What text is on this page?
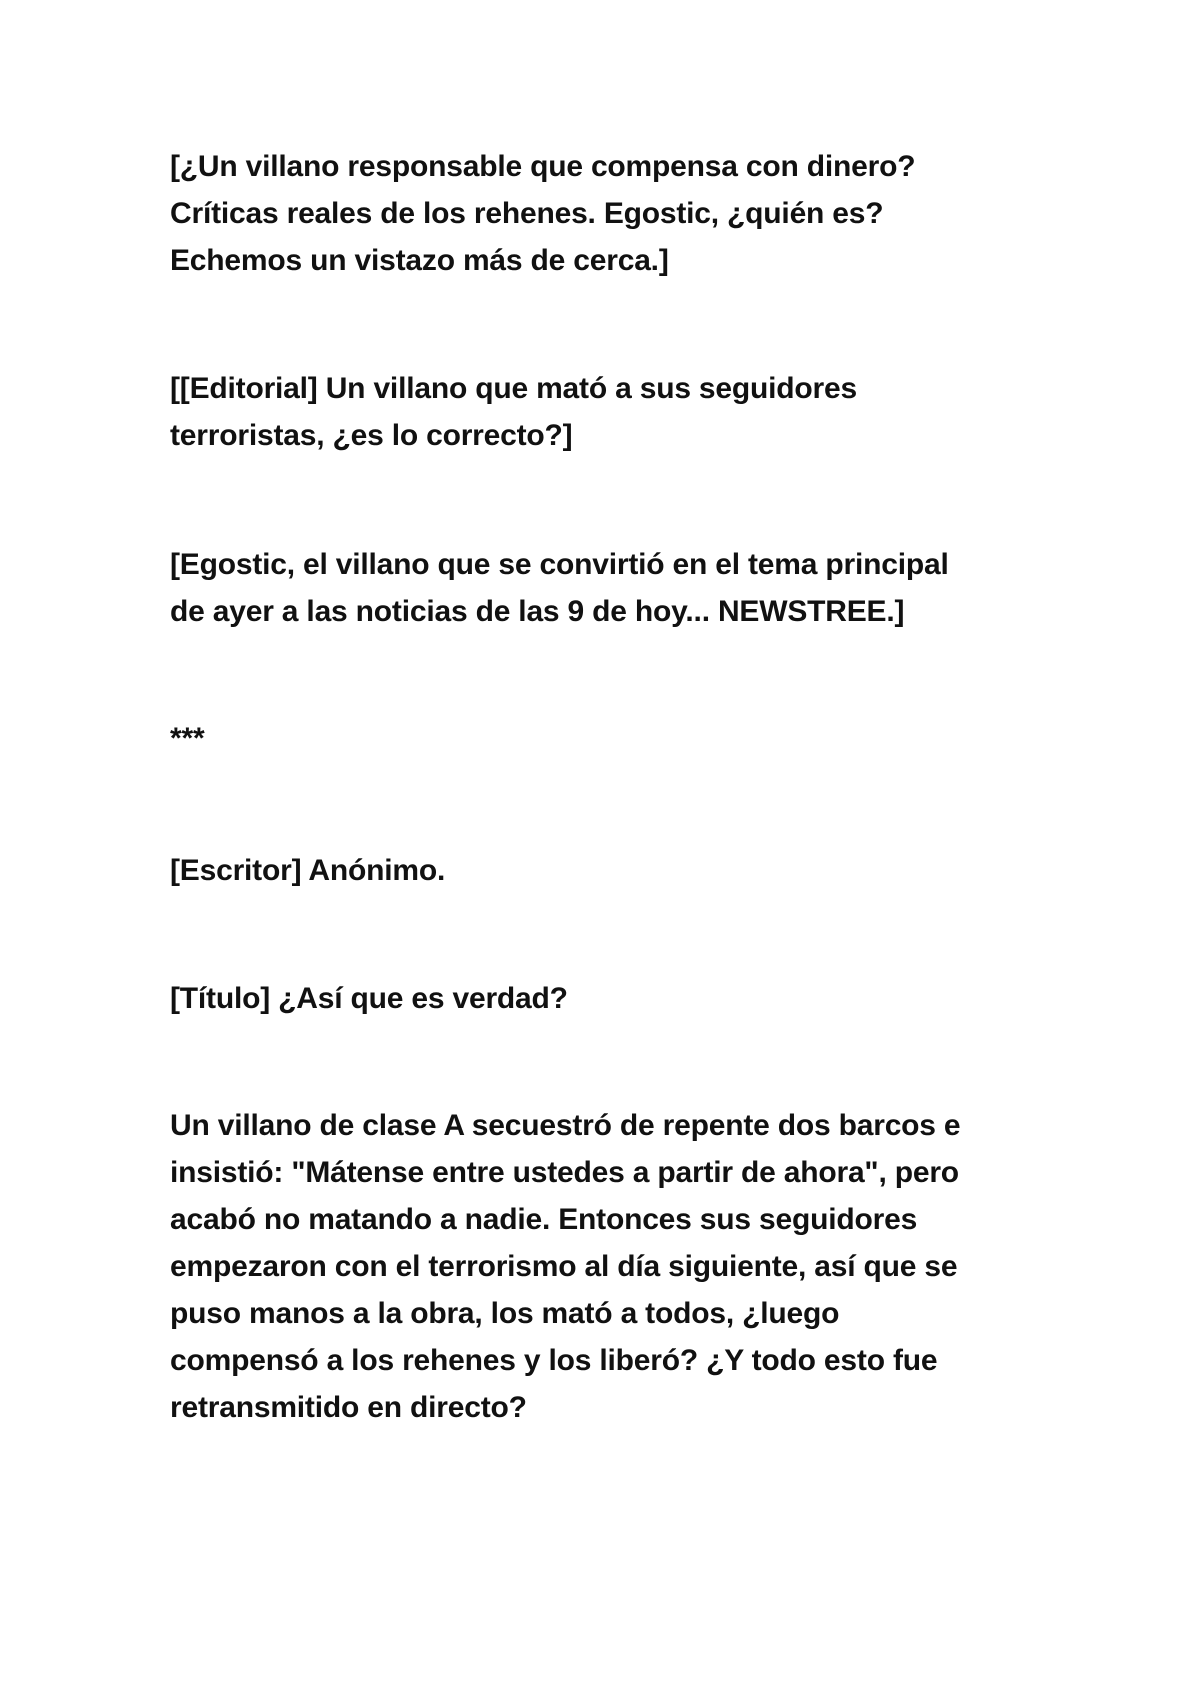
[¿Un villano responsable que compensa con dinero?
Críticas reales de los rehenes. Egostic, ¿quién es?
Echemos un vistazo más de cerca.]

[[Editorial] Un villano que mató a sus seguidores
terroristas, ¿es lo correcto?]

[Egostic, el villano que se convirtió en el tema principal
de ayer a las noticias de las 9 de hoy... NEWSTREE.]

***

[Escritor] Anónimo.

[Título] ¿Así que es verdad?

Un villano de clase A secuestró de repente dos barcos e
insistió: "Mátense entre ustedes a partir de ahora", pero
acabó no matando a nadie. Entonces sus seguidores
empezaron con el terrorismo al día siguiente, así que se
puso manos a la obra, los mató a todos, ¿luego
compensó a los rehenes y los liberó? ¿Y todo esto fue
retransmitido en directo?
